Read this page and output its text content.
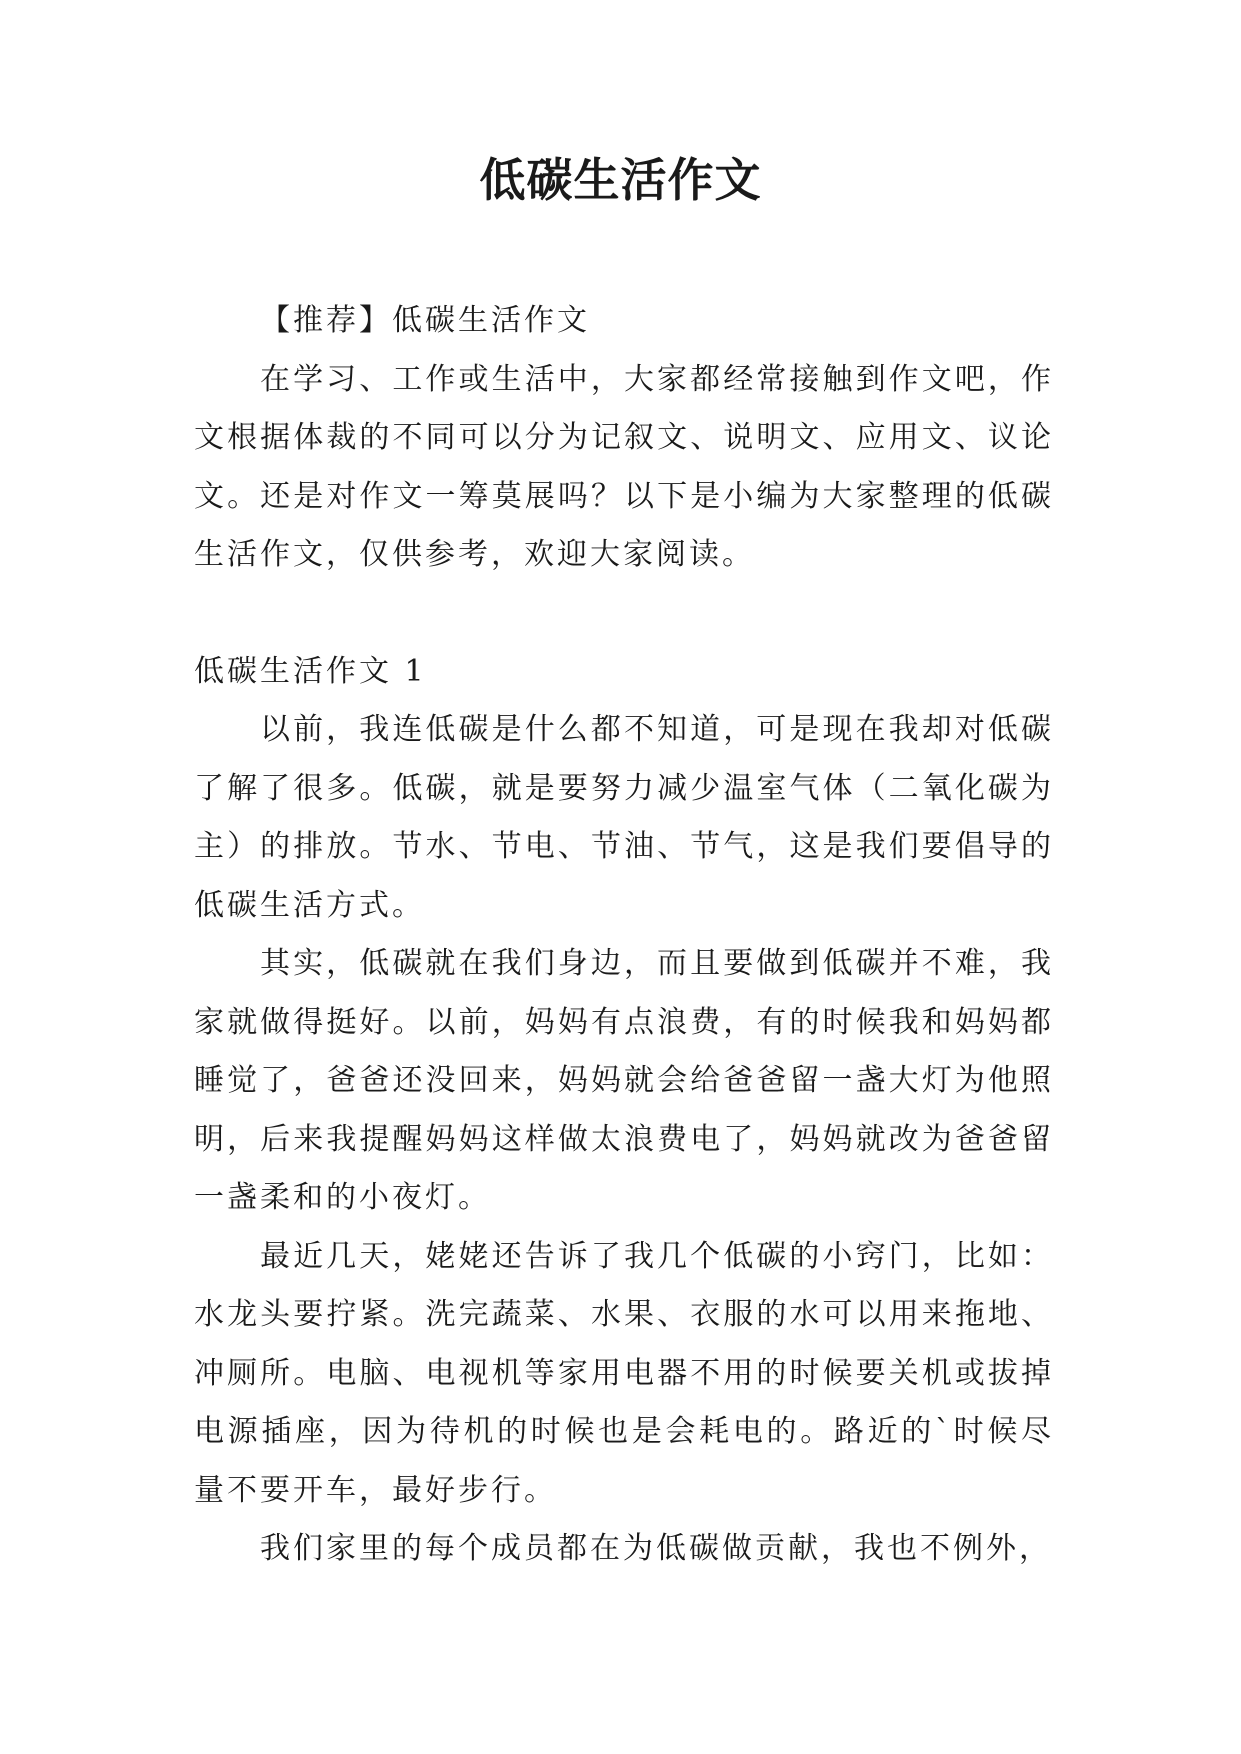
低碳生活作文

【推荐】低碳生活作文

在学习、工作或生活中，大家都经常接触到作文吧，作文根据体裁的不同可以分为记叙文、说明文、应用文、议论文。还是对作文一筹莫展吗？以下是小编为大家整理的低碳生活作文，仅供参考，欢迎大家阅读。

低碳生活作文 1

以前，我连低碳是什么都不知道，可是现在我却对低碳了解了很多。低碳，就是要努力减少温室气体（二氧化碳为主）的排放。节水、节电、节油、节气，这是我们要倡导的低碳生活方式。

其实，低碳就在我们身边，而且要做到低碳并不难，我家就做得挺好。以前，妈妈有点浪费，有的时候我和妈妈都睡觉了，爸爸还没回来，妈妈就会给爸爸留一盏大灯为他照明，后来我提醒妈妈这样做太浪费电了，妈妈就改为爸爸留一盏柔和的小夜灯。

最近几天，姥姥还告诉了我几个低碳的小窍门，比如：水龙头要拧紧。洗完蔬菜、水果、衣服的水可以用来拖地、冲厕所。电脑、电视机等家用电器不用的时候要关机或拔掉电源插座，因为待机的时候也是会耗电的。路近的`时候尽量不要开车，最好步行。

我们家里的每个成员都在为低碳做贡献，我也不例外，
